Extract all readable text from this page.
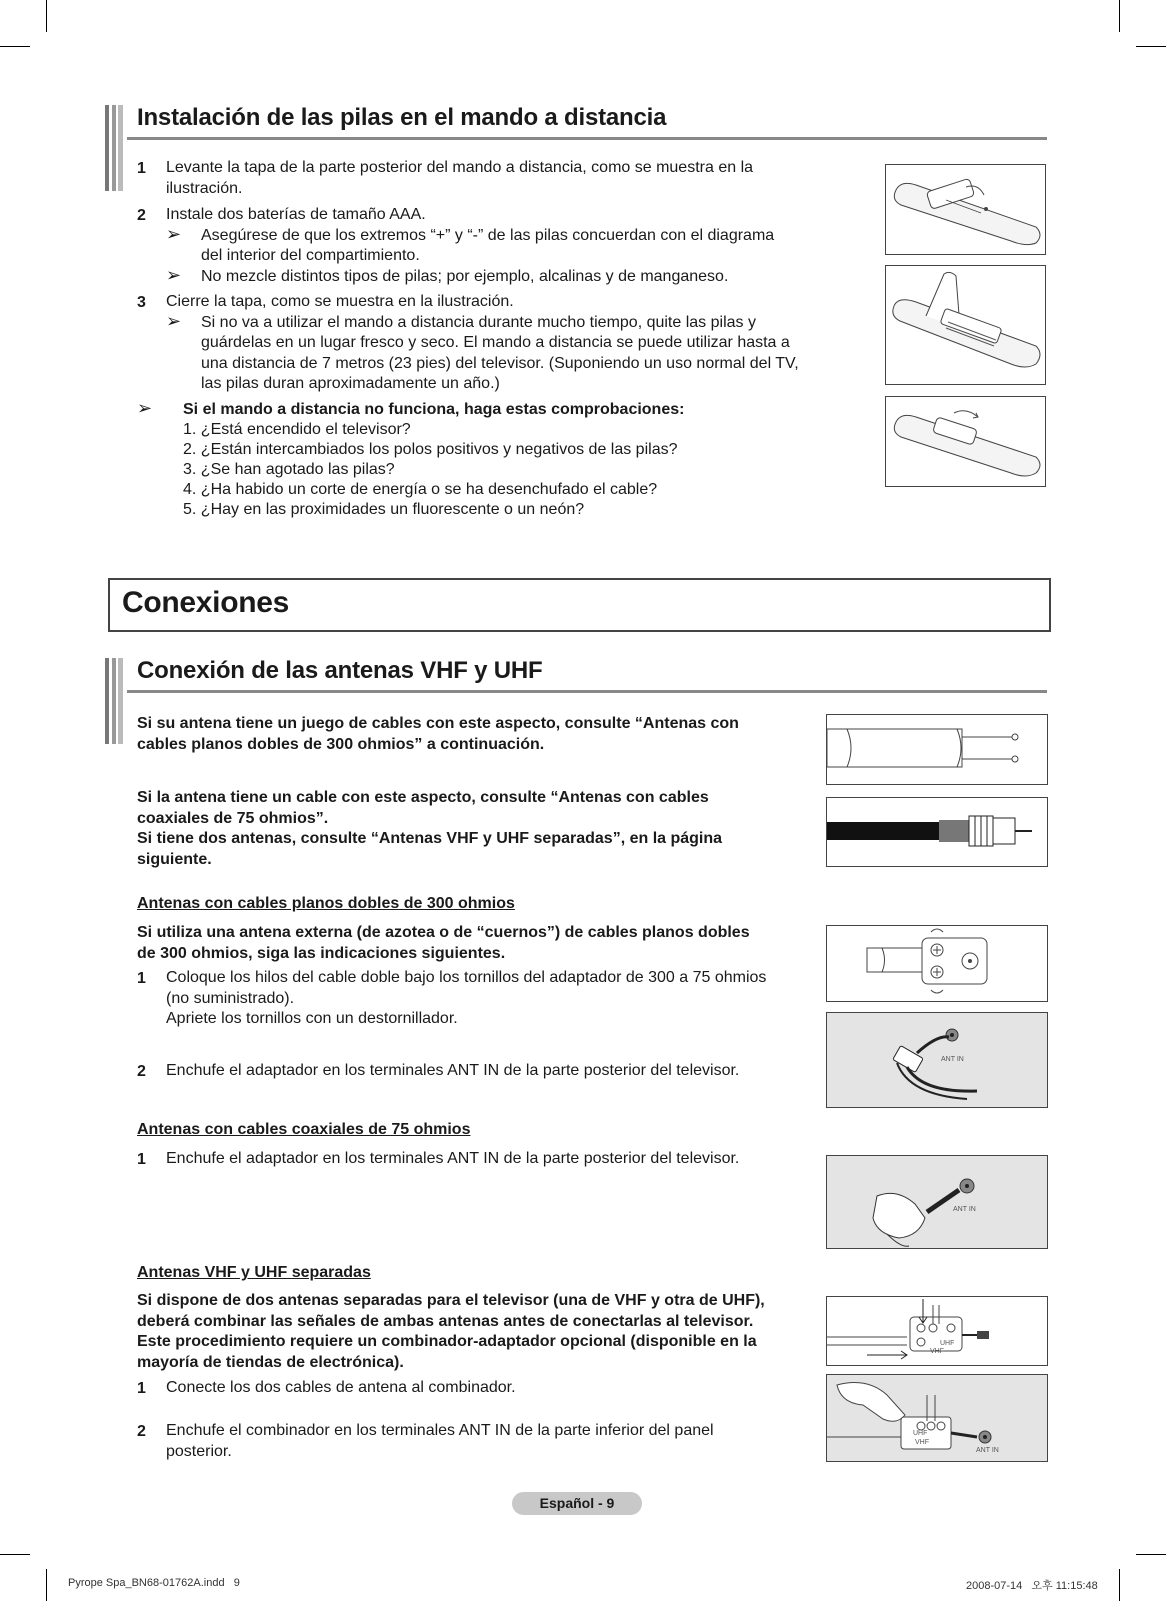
Instalación de las pilas en el mando a distancia
1 Levante la tapa de la parte posterior del mando a distancia, como se muestra en la
ilustración.
2 Instale dos baterías de tamaño AAA.
➢ Asegúrese de que los extremos “+” y “-” de las pilas concuerdan con el diagrama
del interior del compartimiento.
➢ No mezcle distintos tipos de pilas; por ejemplo, alcalinas y de manganeso.
3 Cierre la tapa, como se muestra en la ilustración.
➢ Si no va a utilizar el mando a distancia durante mucho tiempo, quite las pilas y
guárdelas en un lugar fresco y seco. El mando a distancia se puede utilizar hasta a
una distancia de 7 metros (23 pies) del televisor. (Suponiendo un uso normal del TV,
las pilas duran aproximadamente un año.)
➢ Si el mando a distancia no funciona, haga estas comprobaciones:
1. ¿Está encendido el televisor?
2. ¿Están intercambiados los polos positivos y negativos de las pilas?
3. ¿Se han agotado las pilas?
4. ¿Ha habido un corte de energía o se ha desenchufado el cable?
5. ¿Hay en las proximidades un fluorescente o un neón?
Conexiones
Conexión de las antenas VHF y UHF
Si su antena tiene un juego de cables con este aspecto, consulte “Antenas con
cables planos dobles de 300 ohmios” a continuación.
Si la antena tiene un cable con este aspecto, consulte “Antenas con cables
coaxiales de 75 ohmios”.
Si tiene dos antenas, consulte “Antenas VHF y UHF separadas”, en la página
siguiente.
Antenas con cables planos dobles de 300 ohmios
Si utiliza una antena externa (de azotea o de “cuernos”) de cables planos dobles
de 300 ohmios, siga las indicaciones siguientes.
1 Coloque los hilos del cable doble bajo los tornillos del adaptador de 300 a 75 ohmios
(no suministrado).
Apriete los tornillos con un destornillador.
2 Enchufe el adaptador en los terminales ANT IN de la parte posterior del televisor.
ANT IN
Antenas con cables coaxiales de 75 ohmios
1 Enchufe el adaptador en los terminales ANT IN de la parte posterior del televisor.
ANT IN
Antenas VHF y UHF separadas
Si dispone de dos antenas separadas para el televisor (una de VHF y otra de UHF),
deberá combinar las señales de ambas antenas antes de conectarlas al televisor.
Este procedimiento requiere un combinador-adaptador opcional (disponible en la
mayoría de tiendas de electrónica).
1 Conecte los dos cables de antena al combinador.
2 Enchufe el combinador en los terminales ANT IN de la parte inferior del panel
posterior.
UHF
VHF
UHF
VHF
ANT IN
Español - 9
Pyrope Spa_BN68-01762A.indd   9	2008-07-14   오후 11:15:48
